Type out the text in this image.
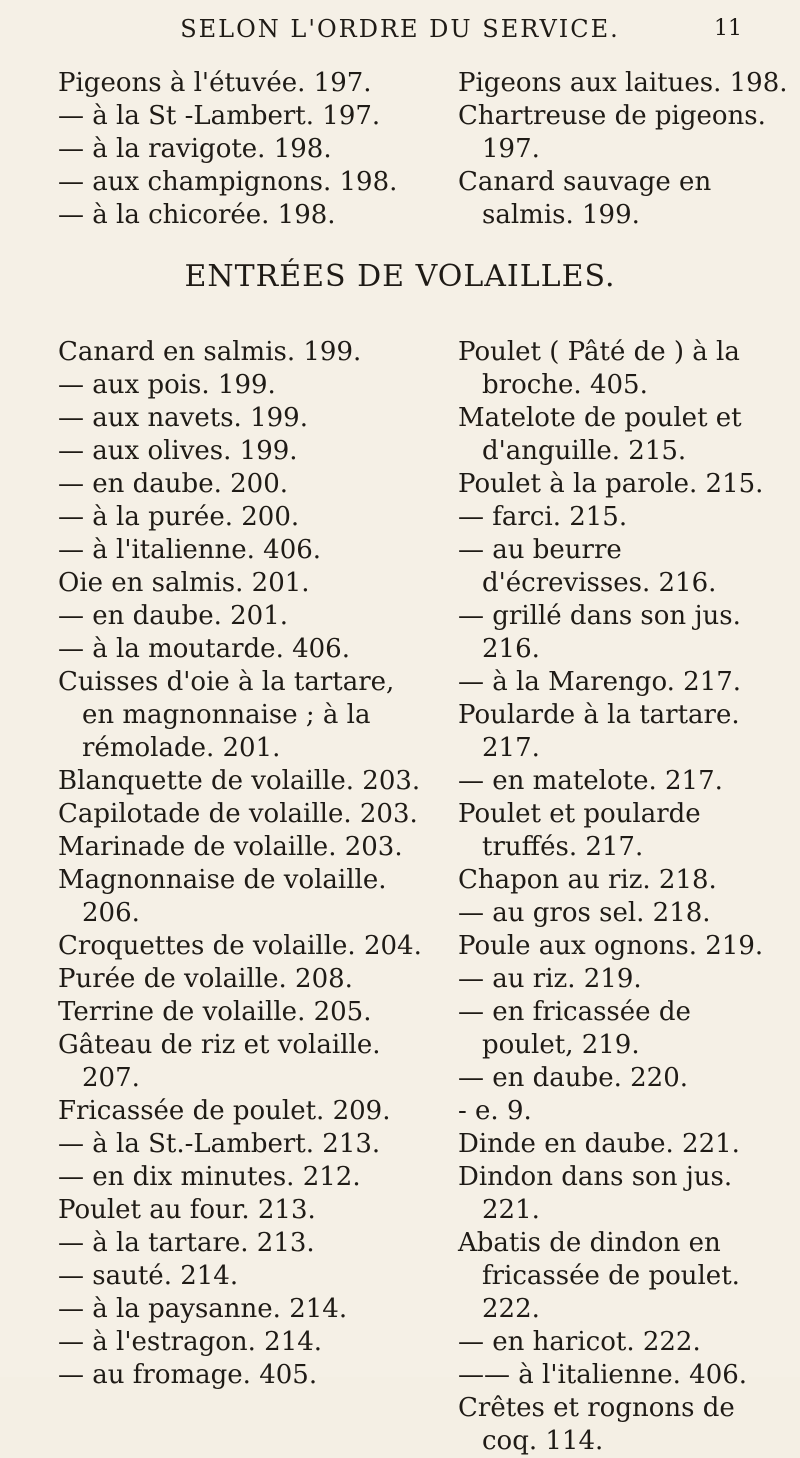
SELON L'ORDRE DU SERVICE.	11

Pigeons à l'étuvée. 197.

— à la St -Lambert. 197.

— à la ravigote. 198.

— aux champignons. 198.

— à la chicorée. 198.

Pigeons aux laitues. 198.

Chartreuse de pigeons. 197.

Canard sauvage en salmis. 199.

ENTRÉES DE VOLAILLES.

Canard en salmis. 199.

— aux pois. 199.

— aux navets. 199.

— aux olives. 199.

— en daube. 200.

— à la purée. 200.

— à l'italienne. 406.

Oie en salmis. 201.

— en daube. 201.

— à la moutarde. 406.

Cuisses d'oie à la tartare, en magnonnaise ; à la rémolade. 201.

Blanquette de volaille. 203.

Capilotade de volaille. 203.

Marinade de volaille. 203.

Magnonnaise de volaille. 206.

Croquettes de volaille. 204.

Purée de volaille. 208.

Terrine de volaille. 205.

Gâteau de riz et volaille. 207.

Fricassée de poulet. 209.

— à la St.-Lambert. 213.

— en dix minutes. 212.

Poulet au four. 213.

— à la tartare. 213.

— sauté. 214.

— à la paysanne. 214.

— à l'estragon. 214.

— au fromage. 405.

Poulet ( Pâté de ) à la broche. 405.

Matelote de poulet et d'anguille. 215.

Poulet à la parole. 215.

— farci. 215.

— au beurre d'écrevisses. 216.

— grillé dans son jus. 216.

— à la Marengo. 217.

Poularde à la tartare. 217.

— en matelote. 217.

Poulet et poularde truffés. 217.

Chapon au riz. 218.

— au gros sel. 218.

Poule aux ognons. 219.

— au riz. 219.

— en fricassée de poulet, 219.

— en daube. 220.

- e. 9.

Dinde en daube. 221.

Dindon dans son jus. 221.

Abatis de dindon en fricassée de poulet. 222.

— en haricot. 222.

—— à l'italienne. 406.

Crêtes et rognons de coq. 114.
